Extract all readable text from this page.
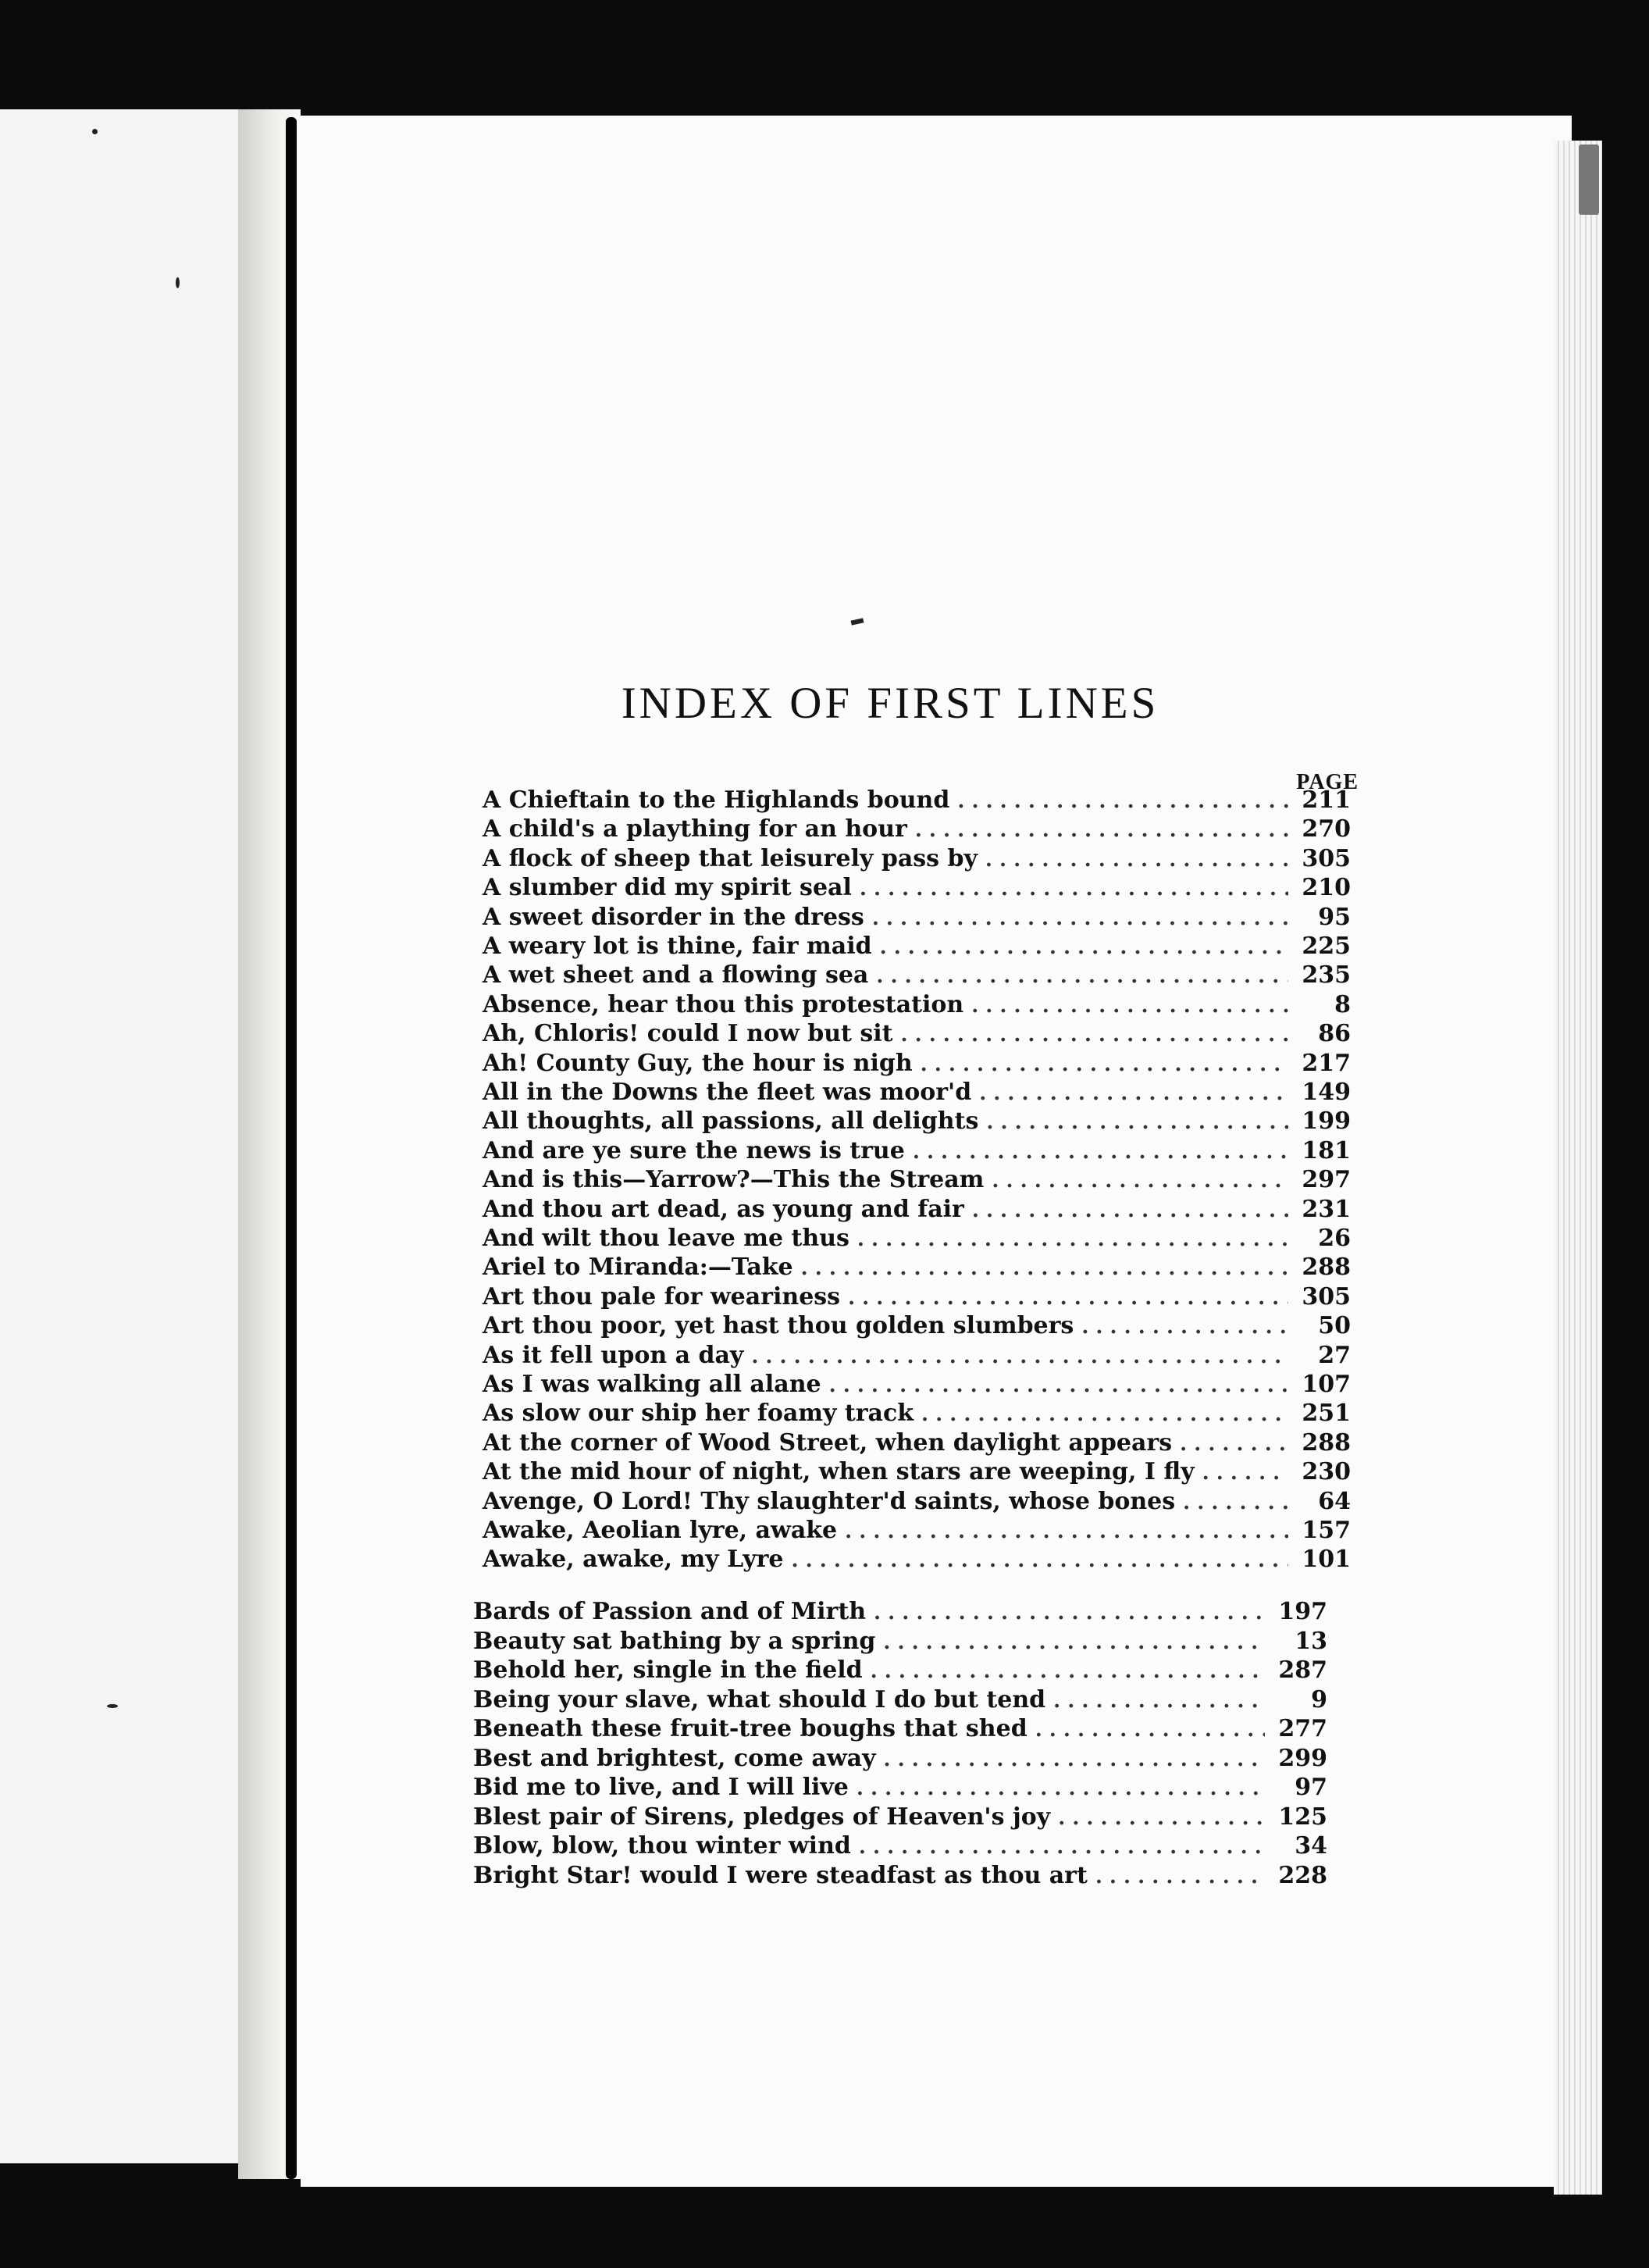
INDEX OF FIRST LINES
PAGE
A Chieftain to the Highlands bound . . .	211
A child's a plaything for an hour . . .	270
A flock of sheep that leisurely pass by . . .	305
A slumber did my spirit seal . . .	210
A sweet disorder in the dress . . .	95
A weary lot is thine, fair maid . . .	225
A wet sheet and a flowing sea . . .	235
Absence, hear thou this protestation . . .	8
Ah, Chloris! could I now but sit . . .	86
Ah! County Guy, the hour is nigh . . .	217
All in the Downs the fleet was moor'd . . .	149
All thoughts, all passions, all delights . . .	199
And are ye sure the news is true . . .	181
And is this—Yarrow?—This the Stream . . .	297
And thou art dead, as young and fair . . .	231
And wilt thou leave me thus . . .	26
Ariel to Miranda:—Take . . .	288
Art thou pale for weariness . . .	305
Art thou poor, yet hast thou golden slumbers . . .	50
As it fell upon a day . . .	27
As I was walking all alane . . .	107
As slow our ship her foamy track . . .	251
At the corner of Wood Street, when daylight appears . . .	288
At the mid hour of night, when stars are weeping, I fly . . .	230
Avenge, O Lord! Thy slaughter'd saints, whose bones . . .	64
Awake, Aeolian lyre, awake . . .	157
Awake, awake, my Lyre . . .	101
Bards of Passion and of Mirth . . .	197
Beauty sat bathing by a spring . . .	13
Behold her, single in the field . . .	287
Being your slave, what should I do but tend . . .	9
Beneath these fruit-tree boughs that shed . . .	277
Best and brightest, come away . . .	299
Bid me to live, and I will live . . .	97
Blest pair of Sirens, pledges of Heaven's joy . . .	125
Blow, blow, thou winter wind . . .	34
Bright Star! would I were steadfast as thou art . . .	228
